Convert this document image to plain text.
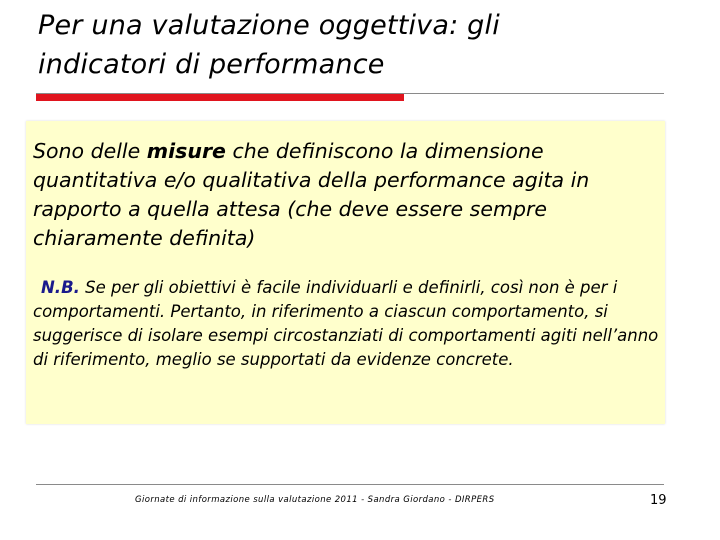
Per una valutazione oggettiva: gli
indicatori di performance

Sono delle misure che definiscono la dimensione quantitativa e/o qualitativa della performance agita in rapporto a quella attesa (che deve essere sempre chiaramente definita)

N.B. Se per gli obiettivi è facile individuarli e definirli, così non è per i comportamenti. Pertanto, in riferimento a ciascun comportamento, si suggerisce di isolare esempi circostanziati di comportamenti agiti nell’anno di riferimento, meglio se supportati da evidenze concrete.

Giornate di informazione sulla valutazione 2011 - Sandra Giordano - DIRPERS	19
